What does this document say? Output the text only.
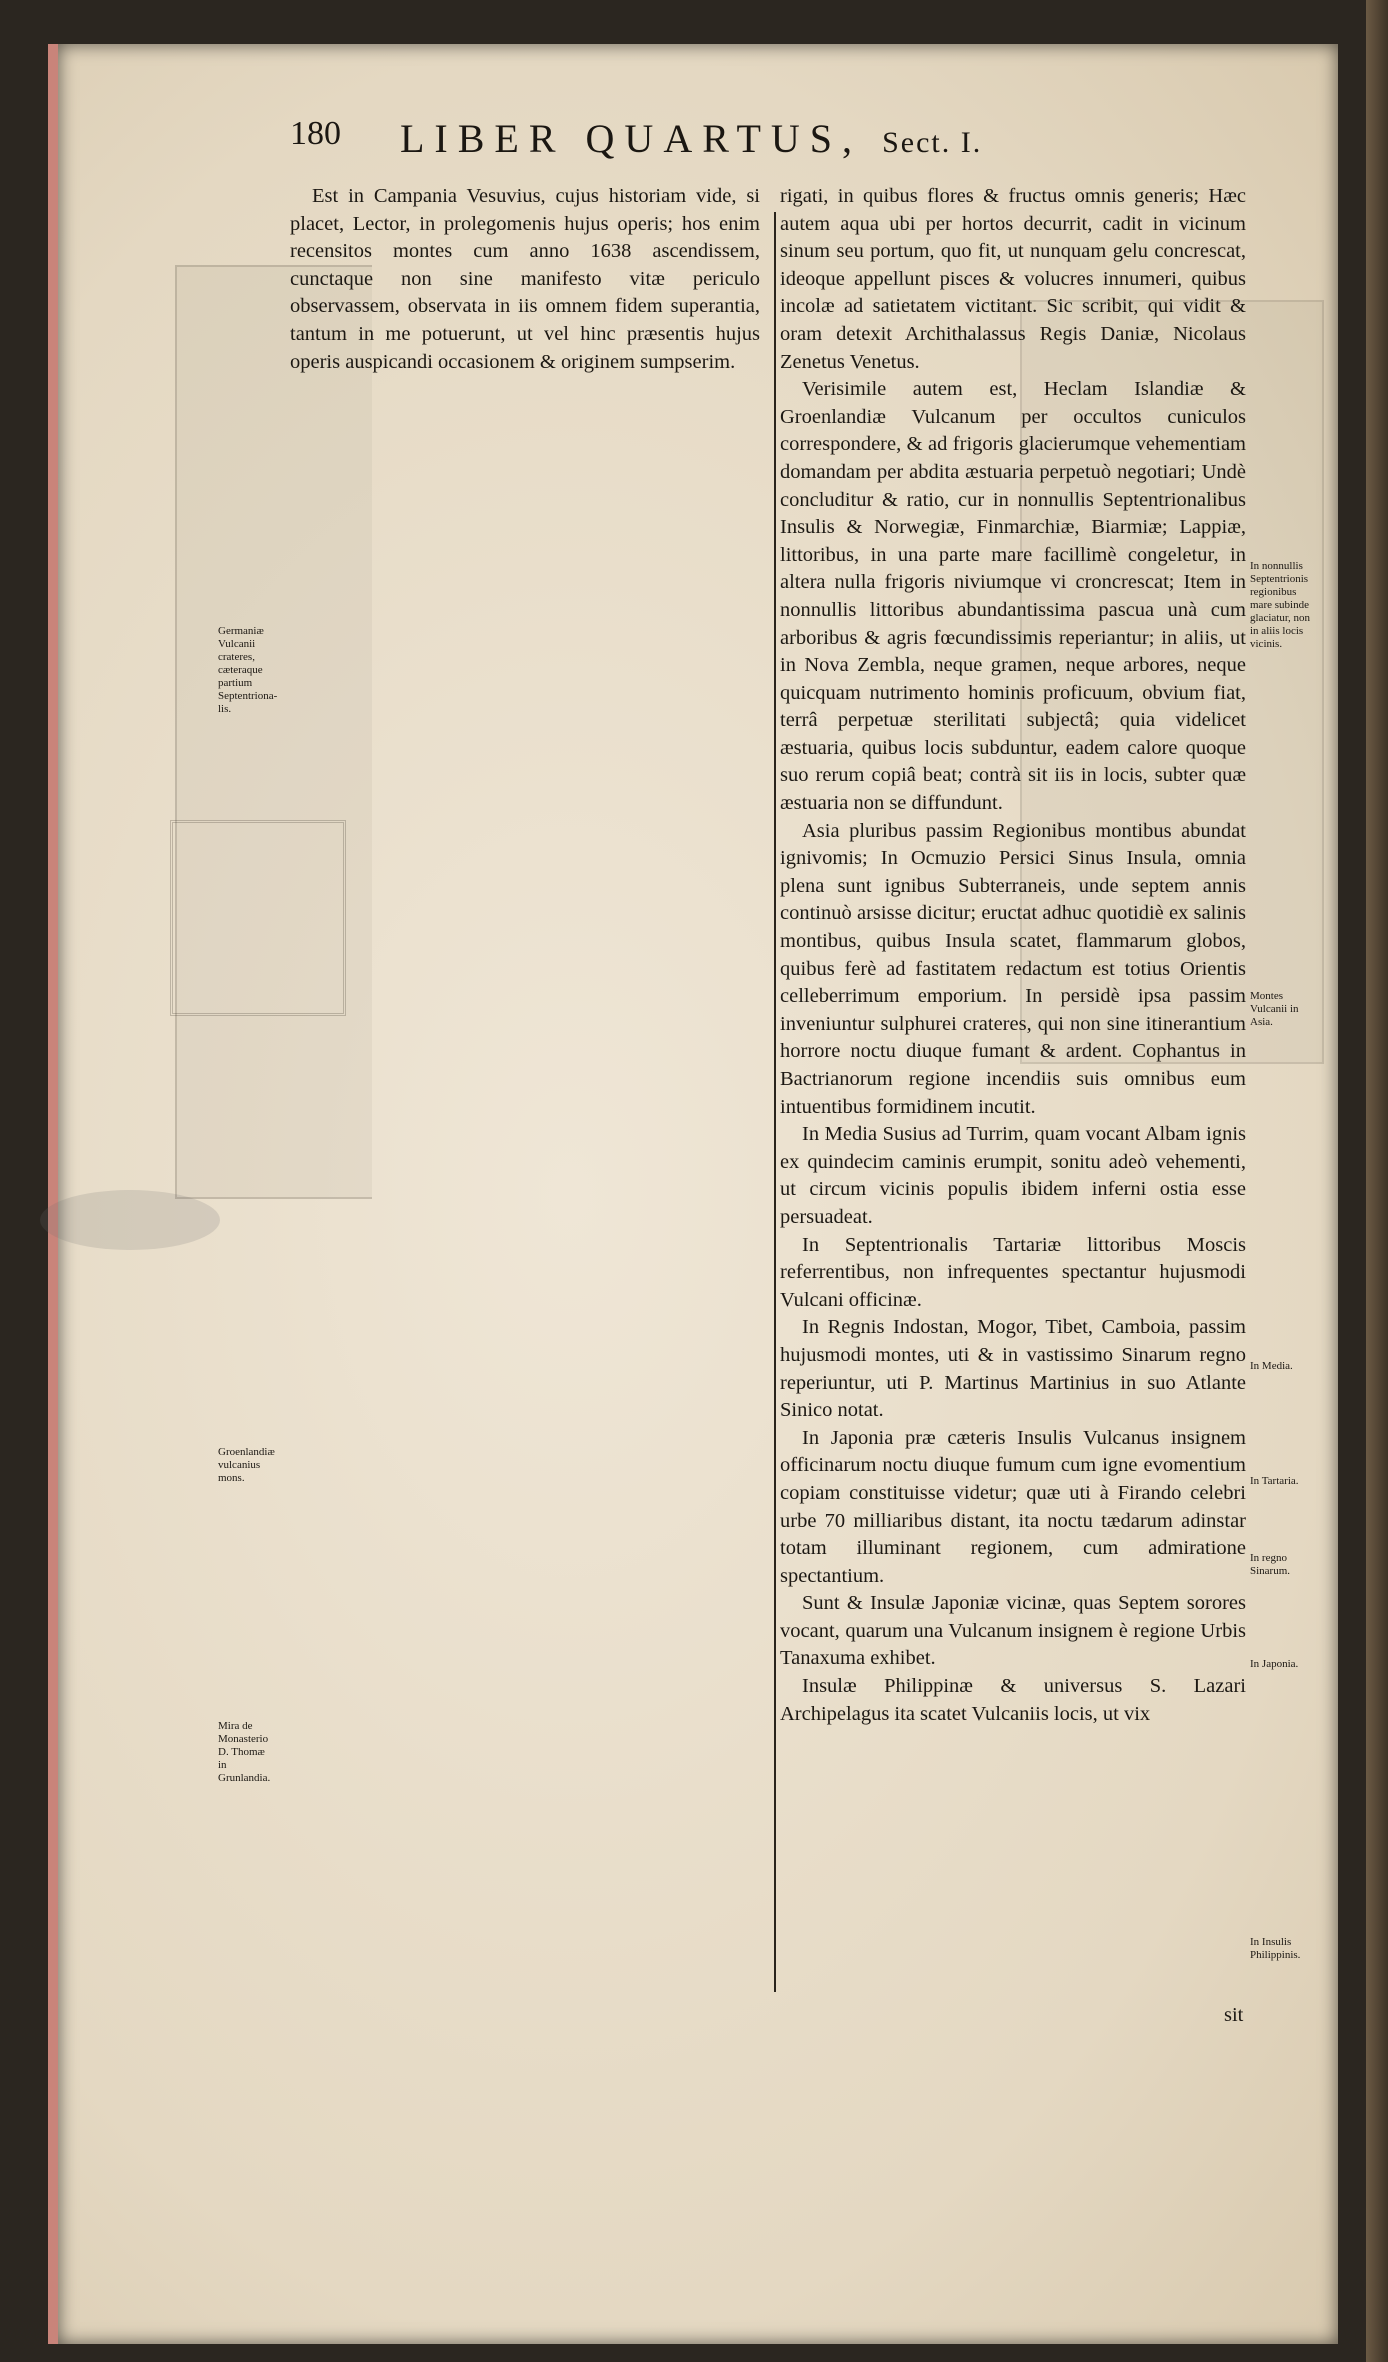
180 LIBER QUARTUS, Sect. I.

Est in Campania Vesuvius, cujus historiam vide, si placet, Lector, in prolegomenis hujus operis; hos enim recensitos montes cum anno 1638 ascendissem, cunctaque non sine manifesto vitæ periculo observassem, observata in iis omnem fidem superantia, tantum in me potuerunt, ut vel hinc præsentis hujus operis auspicandi occasionem & originem sumpserim.

rigati, in quibus flores & fructus omnis generis; Hæc autem aqua ubi per hortos decurrit, cadit in vicinum sinum seu portum, quo fit, ut nunquam gelu concrescat, ideoque appellunt pisces & volucres innumeri, quibus incolæ ad satietatem victitant. Sic scribit, qui vidit & oram detexit Archithalassus Regis Daniæ, Nicolaus Zenetus Venetus.

Verisimile autem est, Heclam Islandiæ & Groenlandiæ Vulcanum per occultos cuniculos correspondere, & ad frigoris glacierumque vehementiam domandam per abdita æstuaria perpetuò negotiari; Undè concluditur & ratio, cur in nonnullis Septentrionalibus Insulis & Norwegiæ, Finmarchiæ, Biarmiæ; Lappiæ, littoribus, in una parte mare facillimè congeletur, in altera nulla frigoris niviumque vi croncrescat; Item in nonnullis littoribus abundantissima pascua unà cum arboribus & agris fœcundissimis reperiantur; in aliis, ut in Nova Zembla, neque gramen, neque arbores, neque quicquam nutrimento hominis proficuum, obvium fiat, terrâ perpetuæ sterilitati subjectâ; quia videlicet æstuaria, quibus locis subduntur, eadem calore quoque suo rerum copiâ beat; contrà sit iis in locis, subter quæ æstuaria non se diffundunt.

Asia pluribus passim Regionibus montibus abundat ignivomis; In Ocmuzio Persici Sinus Insula, omnia plena sunt ignibus Subterraneis, unde septem annis continuò arsisse dicitur; eructat adhuc quotidiè ex salinis montibus, quibus Insula scatet, flammarum globos, quibus ferè ad fastitatem redactum est totius Orientis celleberrimum emporium. In persidè ipsa passim inveniuntur sulphurei crateres, qui non sine itinerantium horrore noctu diuque fumant & ardent. Cophantus in Bactrianorum regione incendiis suis omnibus eum intuentibus formidinem incutit.

In Media Susius ad Turrim, quam vocant Albam ignis ex quindecim caminis erumpit, sonitu adeò vehementi, ut circum vicinis populis ibidem inferni ostia esse persuadeat.

In Septentrionalis Tartariæ littoribus Moscis referrentibus, non infrequentes spectantur hujusmodi Vulcani officinæ.

In Regnis Indostan, Mogor, Tibet, Camboia, passim hujusmodi montes, uti & in vastissimo Sinarum regno reperiuntur, uti P. Martinus Martinius in suo Atlante Sinico notat.

In Japonia præ cæteris Insulis Vulcanus insignem officinarum noctu diuque fumum cum igne evomentium copiam constituisse videtur; quæ uti à Firando celebri urbe 70 milliaribus distant, ita noctu tædarum adinstar totam illuminant regionem, cum admiratione spectantium.

Sunt & Insulæ Japoniæ vicinæ, quas Septem sorores vocant, quarum una Vulcanum insignem è regione Urbis Tanaxuma exhibet.

Insulæ Philippinæ & universus S. Lazari Archipelagus ita scatet Vulcaniis locis, ut vix

Germaniæ Vulcanii crateres, cæteraque partium Septentriona-lis.
Groenlandiæ vulcanius mons.
Mira de Monasterio D. Thomæ in Grunlandia.
In nonnullis Septentrionis regionibus mare subinde glaciatur, non in aliis locis vicinis.
Montes Vulcanii in Asia.
In Media.
In Tartaria.
In regno Sinarum.
In Japonia.
In Insulis Philippinis.
sit
